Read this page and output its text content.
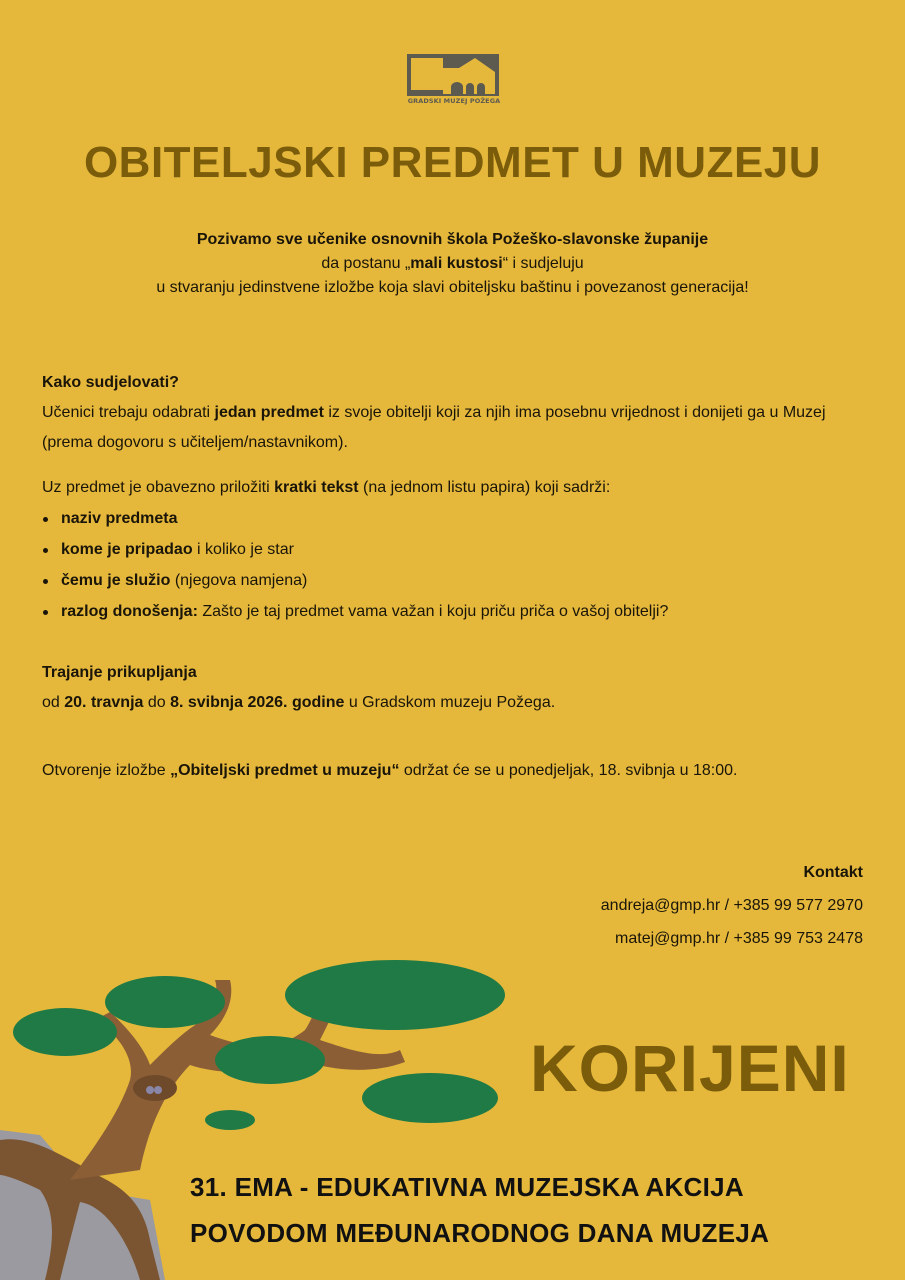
GRADSKI MUZEJ POŽEGA
OBITELJSKI PREDMET U MUZEJU
Pozivamo sve učenike osnovnih škola Požeško-slavonske županije
da postanu „mali kustosi“ i sudjeluju
u stvaranju jedinstvene izložbe koja slavi obiteljsku baštinu i povezanost generacija!
Kako sudjelovati?
Učenici trebaju odabrati jedan predmet iz svoje obitelji koji za njih ima posebnu vrijednost i donijeti ga u Muzej (prema dogovoru s učiteljem/nastavnikom).
Uz predmet je obavezno priložiti kratki tekst (na jednom listu papira) koji sadrži:
naziv predmeta
kome je pripadao i koliko je star
čemu je služio (njegova namjena)
razlog donošenja: Zašto je taj predmet vama važan i koju priču priča o vašoj obitelji?
Trajanje prikupljanja
od 20. travnja do 8. svibnja 2026. godine u Gradskom muzeju Požega.
Otvorenje izložbe „Obiteljski predmet u muzeju“ održat će se u ponedjeljak, 18. svibnja u 18:00.
Kontakt
andreja@gmp.hr / +385 99 577 2970
matej@gmp.hr / +385 99 753 2478
KORIJENI
31. EMA - EDUKATIVNA MUZEJSKA AKCIJA
POVODOM MEĐUNARODNOG DANA MUZEJA
